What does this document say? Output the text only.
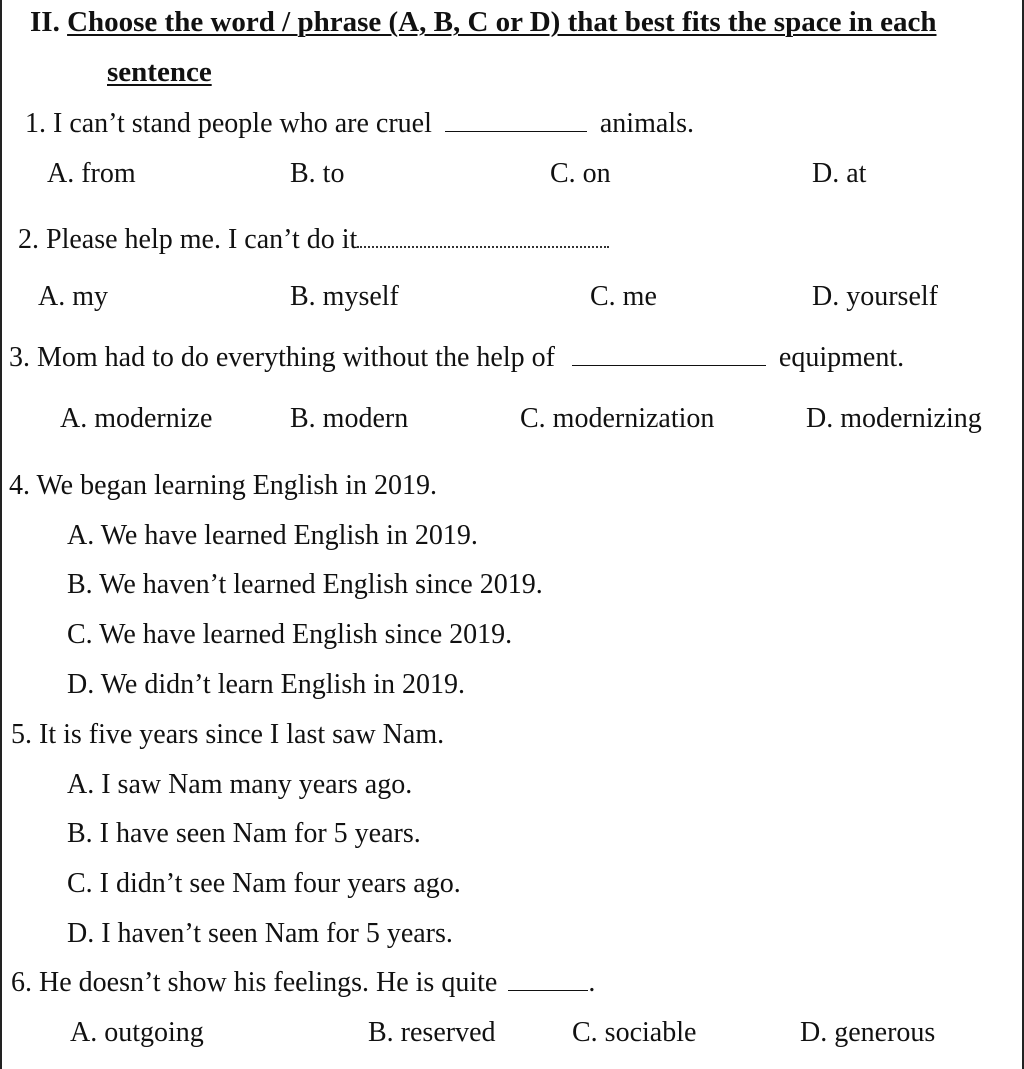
II. Choose the word / phrase (A, B, C or D) that best fits the space in each
sentence
1. I can’t stand people who are cruel	animals.
A. from	B. to	C. on	D. at
2. Please help me. I can’t do it
A. my	B. myself	C. me	D. yourself
3. Mom had to do everything without the help of	equipment.
A. modernize	B. modern	C. modernization	D. modernizing
4. We began learning English in 2019.
A. We have learned English in 2019.
B. We haven’t learned English since 2019.
C. We have learned English since 2019.
D. We didn’t learn English in 2019.
5. It is five years since I last saw Nam.
A. I saw Nam many years ago.
B. I have seen Nam for 5 years.
C. I didn’t see Nam four years ago.
D. I haven’t seen Nam for 5 years.
6. He doesn’t show his feelings. He is quite	.
A. outgoing	B. reserved	C. sociable	D. generous
